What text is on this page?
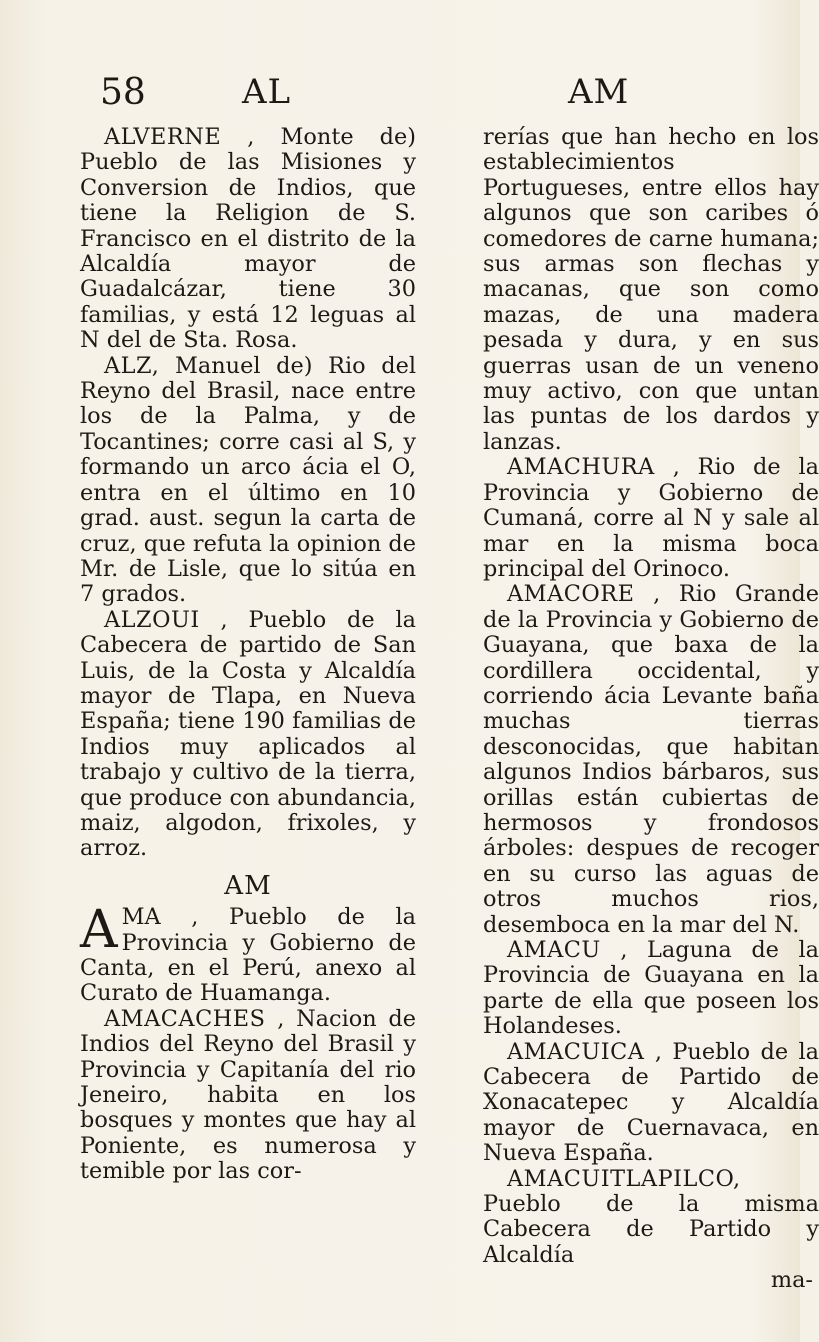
58	AL	AM

ALVERNE , Monte de) Pueblo de las Misiones y Conversion de Indios, que tiene la Religion de S. Francisco en el distrito de la Alcaldía mayor de Guadalcázar, tiene 30 familias, y está 12 leguas al N del de Sta. Rosa.

ALZ, Manuel de) Rio del Reyno del Brasil, nace entre los de la Palma, y de Tocantines; corre casi al S, y formando un arco ácia el O, entra en el último en 10 grad. aust. segun la carta de cruz, que refuta la opinion de Mr. de Lisle, que lo sitúa en 7 grados.

ALZOUI , Pueblo de la Cabecera de partido de San Luis, de la Costa y Alcaldía mayor de Tlapa, en Nueva España; tiene 190 familias de Indios muy aplicados al trabajo y cultivo de la tierra, que produce con abundancia, maiz, algodon, frixoles, y arroz.

AM

AMA , Pueblo de la Provincia y Gobierno de Canta, en el Perú, anexo al Curato de Huamanga.

AMACACHES , Nacion de Indios del Reyno del Brasil y Provincia y Capitanía del rio Jeneiro, habita en los bosques y montes que hay al Poniente, es numerosa y temible por las cor-

rerías que han hecho en los establecimientos Portugueses, entre ellos hay algunos que son caribes ó comedores de carne humana; sus armas son flechas y macanas, que son como mazas, de una madera pesada y dura, y en sus guerras usan de un veneno muy activo, con que untan las puntas de los dardos y lanzas.

AMACHURA , Rio de la Provincia y Gobierno de Cumaná, corre al N y sale al mar en la misma boca principal del Orinoco.

AMACORE , Rio Grande de la Provincia y Gobierno de Guayana, que baxa de la cordillera occidental, y corriendo ácia Levante baña muchas tierras desconocidas, que habitan algunos Indios bárbaros, sus orillas están cubiertas de hermosos y frondosos árboles: despues de recoger en su curso las aguas de otros muchos rios, desemboca en la mar del N.

AMACU , Laguna de la Provincia de Guayana en la parte de ella que poseen los Holandeses.

AMACUICA , Pueblo de la Cabecera de Partido de Xonacatepec y Alcaldía mayor de Cuernavaca, en Nueva España.

AMACUITLAPILCO, Pueblo de la misma Cabecera de Partido y Alcaldía

ma-
